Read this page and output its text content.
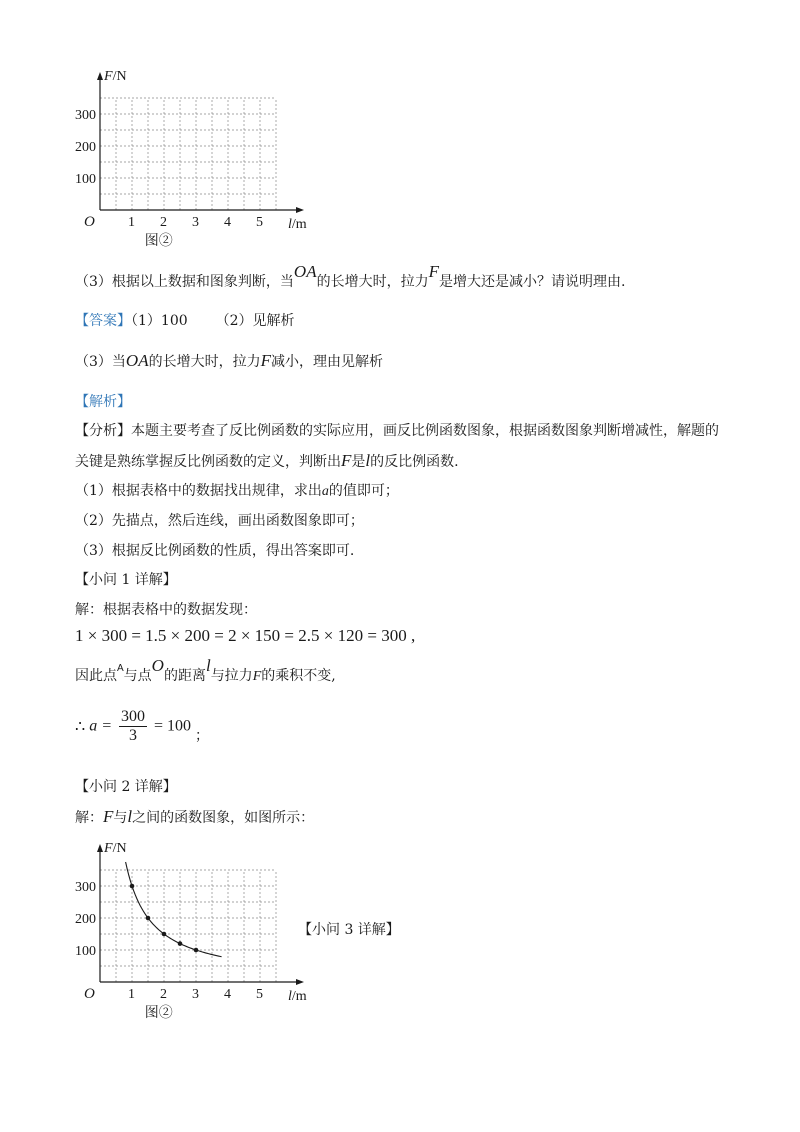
F/N
l/m
O 1 2 3 4 5
100
200
300
图②
（3）根据以上数据和图象判断，当OA的长增大时，拉力F是增大还是减小？请说明理由.
【答案】（1）100 （2）见解析
（3）当OA的长增大时，拉力F减小，理由见解析
【解析】
【分析】本题主要考查了反比例函数的实际应用，画反比例函数图象，根据函数图象判断增减性，解题的
关键是熟练掌握反比例函数的定义，判断出F是l的反比例函数.
（1）根据表格中的数据找出规律，求出a的值即可；
（2）先描点，然后连线，画出函数图象即可；
（3）根据反比例函数的性质，得出答案即可.
【小问 1 详解】
解：根据表格中的数据发现：
1 × 300 = 1.5 × 200 = 2 × 150 = 2.5 × 120 = 300 ,
因此点$^A$与点O的距离l与拉力F的乘积不变,
∴ $a = \frac{300}{3} = 100$ ；
【小问 2 详解】
解：F与l之间的函数图象，如图所示：
F/N
l/m
O 1 2 3 4 5
100
200
300
图②
【小问 3 详解】
